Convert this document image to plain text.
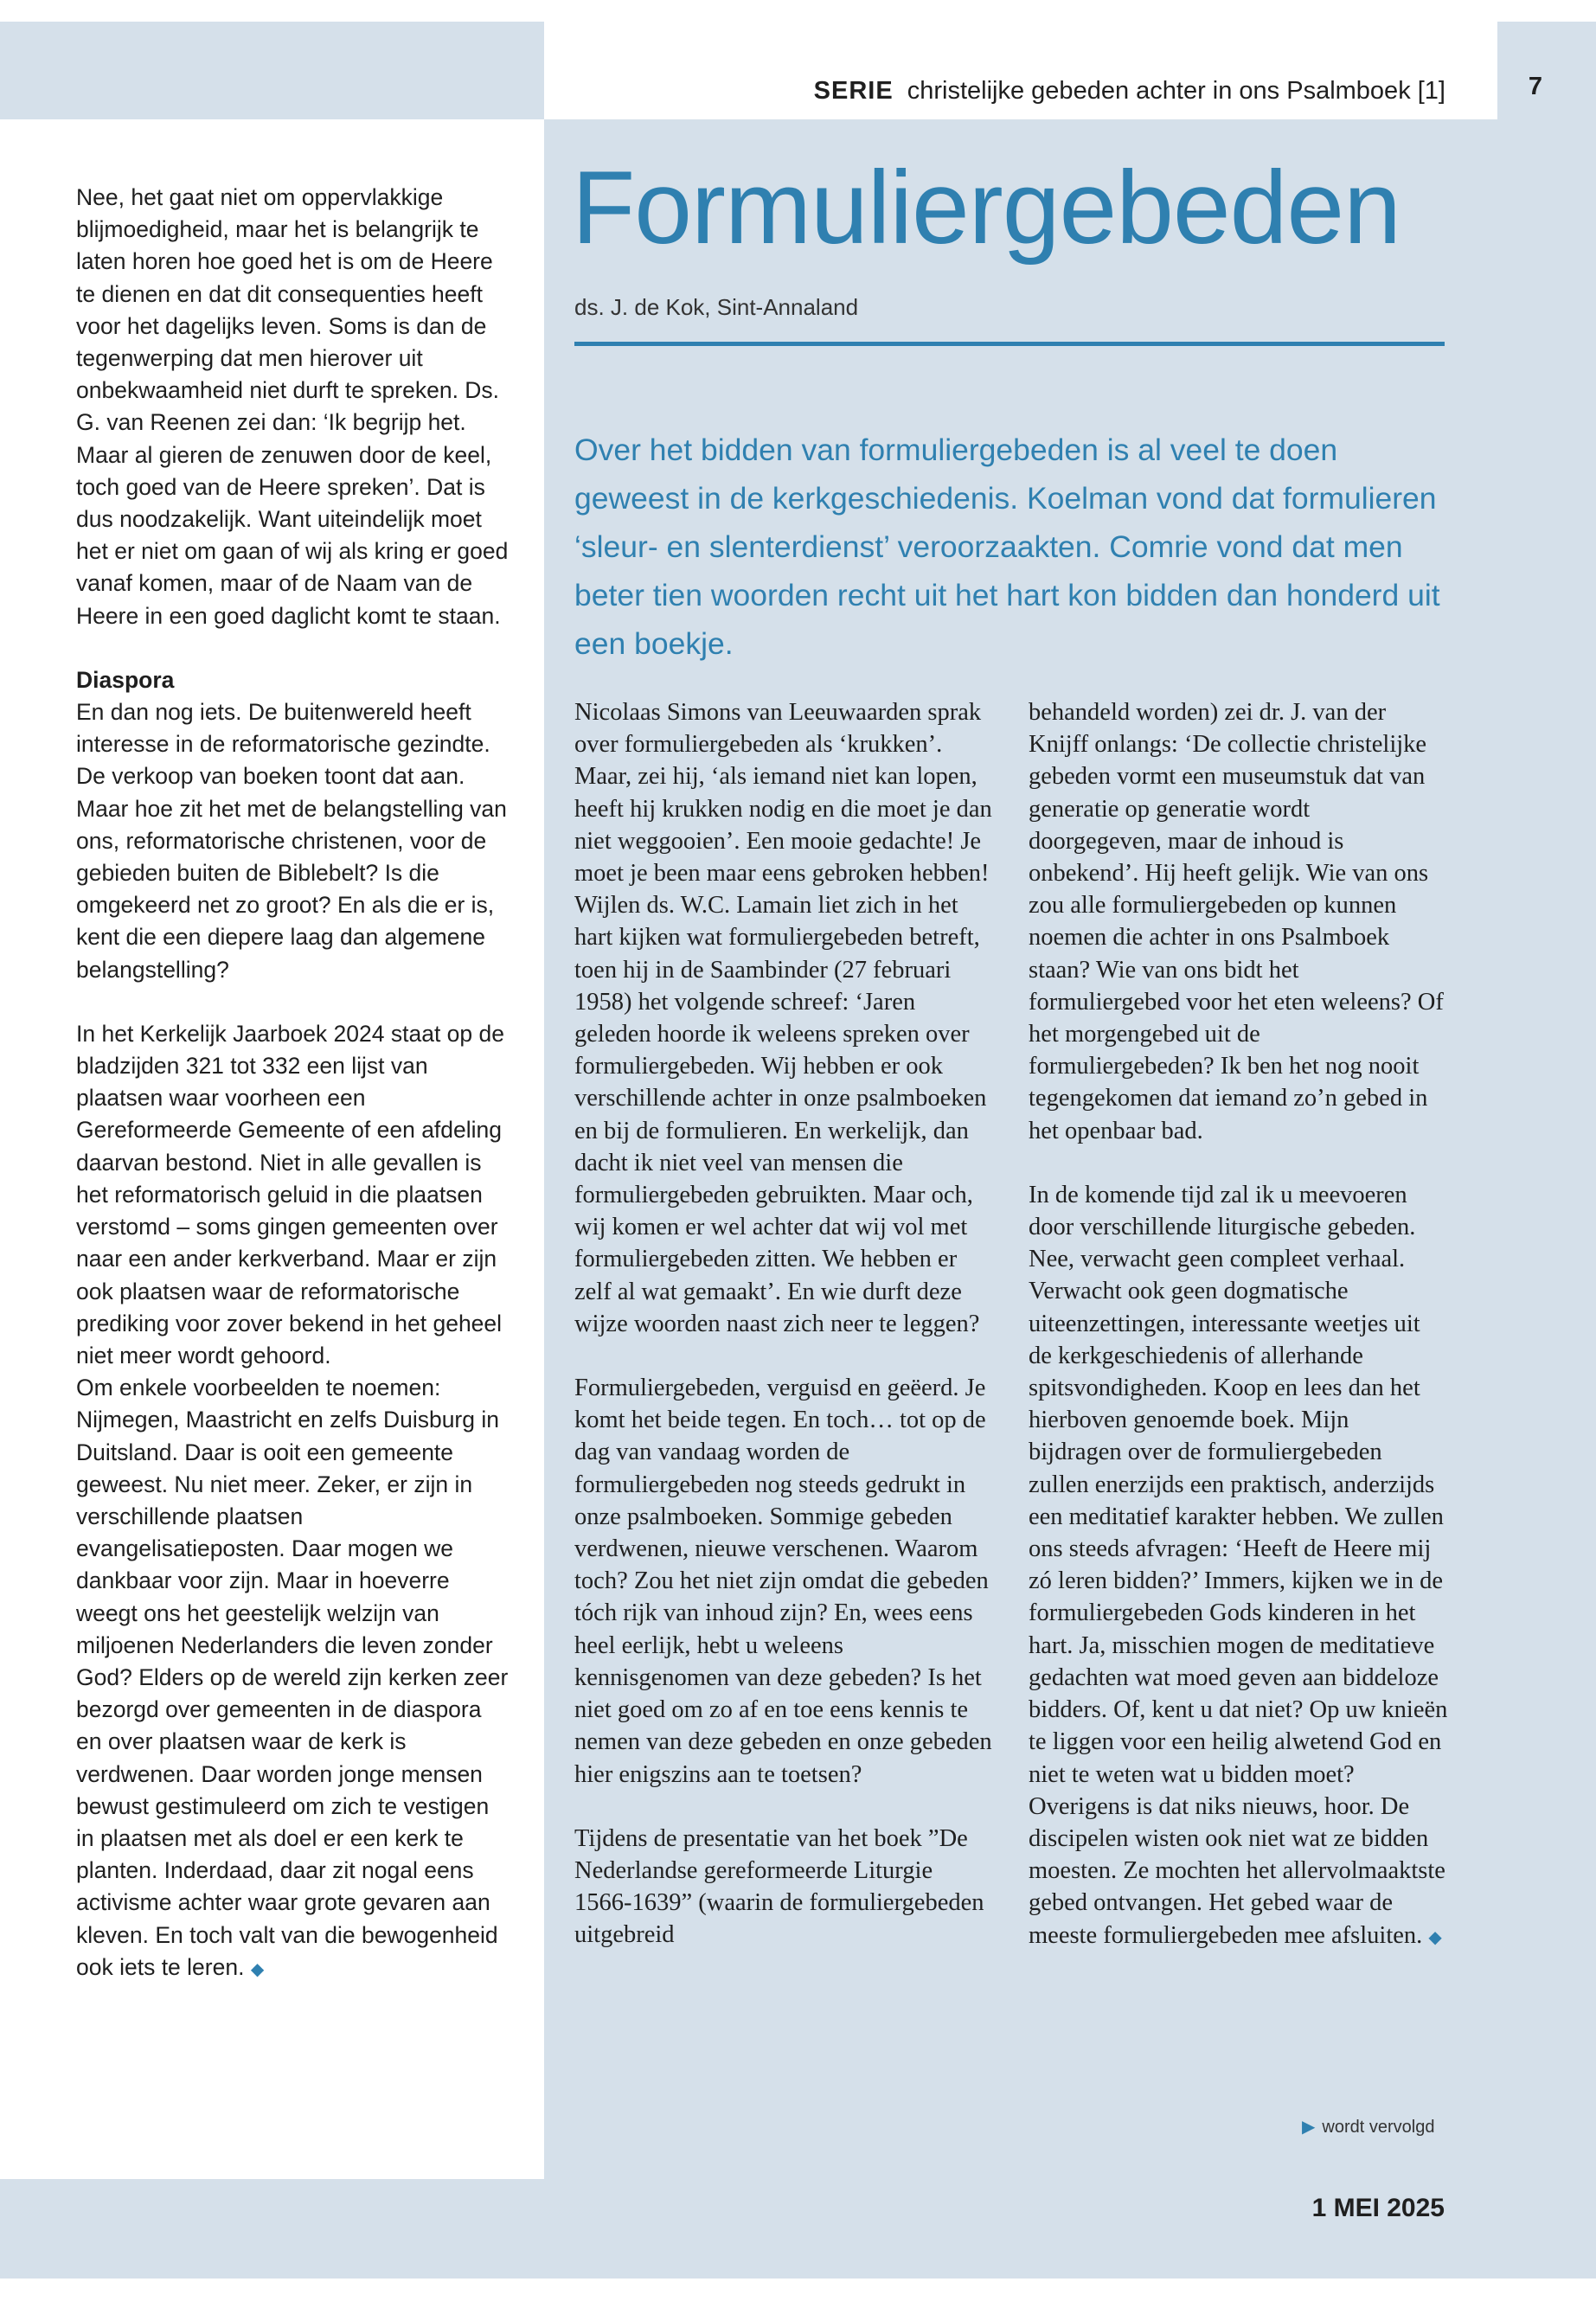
SERIE christelijke gebeden achter in ons Psalmboek [1]	7

Nee, het gaat niet om oppervlakkige blijmoedigheid, maar het is belangrijk te laten horen hoe goed het is om de Heere te dienen en dat dit consequenties heeft voor het dagelijks leven. Soms is dan de tegenwerping dat men hierover uit onbekwaamheid niet durft te spreken. Ds. G. van Reenen zei dan: ‘Ik begrijp het. Maar al gieren de zenuwen door de keel, toch goed van de Heere spreken’. Dat is dus noodzakelijk. Want uiteindelijk moet het er niet om gaan of wij als kring er goed vanaf komen, maar of de Naam van de Heere in een goed daglicht komt te staan.

Diaspora

En dan nog iets. De buitenwereld heeft interesse in de reformatorische gezindte. De verkoop van boeken toont dat aan. Maar hoe zit het met de belangstelling van ons, reformatorische christenen, voor de gebieden buiten de Biblebelt? Is die omgekeerd net zo groot? En als die er is, kent die een diepere laag dan algemene belangstelling?

In het Kerkelijk Jaarboek 2024 staat op de bladzijden 321 tot 332 een lijst van plaatsen waar voorheen een Gereformeerde Gemeente of een afdeling daarvan bestond. Niet in alle gevallen is het reformatorisch geluid in die plaatsen verstomd – soms gingen gemeenten over naar een ander kerkverband. Maar er zijn ook plaatsen waar de reformatorische prediking voor zover bekend in het geheel niet meer wordt gehoord.

Om enkele voorbeelden te noemen: Nijmegen, Maastricht en zelfs Duisburg in Duitsland. Daar is ooit een gemeente geweest. Nu niet meer. Zeker, er zijn in verschillende plaatsen evangelisatieposten. Daar mogen we dankbaar voor zijn. Maar in hoeverre weegt ons het geestelijk welzijn van miljoenen Nederlanders die leven zonder God? Elders op de wereld zijn kerken zeer bezorgd over gemeenten in de diaspora en over plaatsen waar de kerk is verdwenen. Daar worden jonge mensen bewust gestimuleerd om zich te vestigen in plaatsen met als doel er een kerk te planten. Inderdaad, daar zit nogal eens activisme achter waar grote gevaren aan kleven. En toch valt van die bewogenheid ook iets te leren. ◆

Formuliergebeden
ds. J. de Kok, Sint-Annaland
Over het bidden van formuliergebeden is al veel te doen geweest in de kerkgeschiedenis. Koelman vond dat formulieren ‘sleur- en slenterdienst’ veroorzaakten. Comrie vond dat men beter tien woorden recht uit het hart kon bidden dan honderd uit een boekje.

Nicolaas Simons van Leeuwaarden sprak over formuliergebeden als ‘krukken’. Maar, zei hij, ‘als iemand niet kan lopen, heeft hij krukken nodig en die moet je dan niet weggooien’. Een mooie gedachte! Je moet je been maar eens gebroken hebben!

Wijlen ds. W.C. Lamain liet zich in het hart kijken wat formuliergebeden betreft, toen hij in de Saambinder (27 februari 1958) het volgende schreef: ‘Jaren geleden hoorde ik weleens spreken over formuliergebeden. Wij hebben er ook verschillende achter in onze psalmboeken en bij de formulieren. En werkelijk, dan dacht ik niet veel van mensen die formuliergebeden gebruikten. Maar och, wij komen er wel achter dat wij vol met formuliergebeden zitten. We hebben er zelf al wat gemaakt’. En wie durft deze wijze woorden naast zich neer te leggen?

Formuliergebeden, verguisd en geëerd. Je komt het beide tegen. En toch… tot op de dag van vandaag worden de formuliergebeden nog steeds gedrukt in onze psalmboeken. Sommige gebeden verdwenen, nieuwe verschenen. Waarom toch? Zou het niet zijn omdat die gebeden tóch rijk van inhoud zijn? En, wees eens heel eerlijk, hebt u weleens kennisgenomen van deze gebeden? Is het niet goed om zo af en toe eens kennis te nemen van deze gebeden en onze gebeden hier enigszins aan te toetsen?

Tijdens de presentatie van het boek ”De Nederlandse gereformeerde Liturgie 1566-1639” (waarin de formuliergebeden uitgebreid

behandeld worden) zei dr. J. van der Knijff onlangs: ‘De collectie christelijke gebeden vormt een museumstuk dat van generatie op generatie wordt doorgegeven, maar de inhoud is onbekend’. Hij heeft gelijk. Wie van ons zou alle formuliergebeden op kunnen noemen die achter in ons Psalmboek staan? Wie van ons bidt het formuliergebed voor het eten weleens? Of het morgengebed uit de formuliergebeden? Ik ben het nog nooit tegengekomen dat iemand zo’n gebed in het openbaar bad.

In de komende tijd zal ik u meevoeren door verschillende liturgische gebeden. Nee, verwacht geen compleet verhaal. Verwacht ook geen dogmatische uiteenzettingen, interessante weetjes uit de kerkgeschiedenis of allerhande spitsvondigheden. Koop en lees dan het hierboven genoemde boek. Mijn bijdragen over de formuliergebeden zullen enerzijds een praktisch, anderzijds een meditatief karakter hebben. We zullen ons steeds afvragen: ‘Heeft de Heere mij zó leren bidden?’ Immers, kijken we in de formuliergebeden Gods kinderen in het hart. Ja, misschien mogen de meditatieve gedachten wat moed geven aan biddeloze bidders. Of, kent u dat niet? Op uw knieën te liggen voor een heilig alwetend God en niet te weten wat u bidden moet? Overigens is dat niks nieuws, hoor. De discipelen wisten ook niet wat ze bidden moesten. Ze mochten het allervolmaaktste gebed ontvangen. Het gebed waar de meeste formuliergebeden mee afsluiten. ◆

▶ wordt vervolgd
1 MEI 2025
